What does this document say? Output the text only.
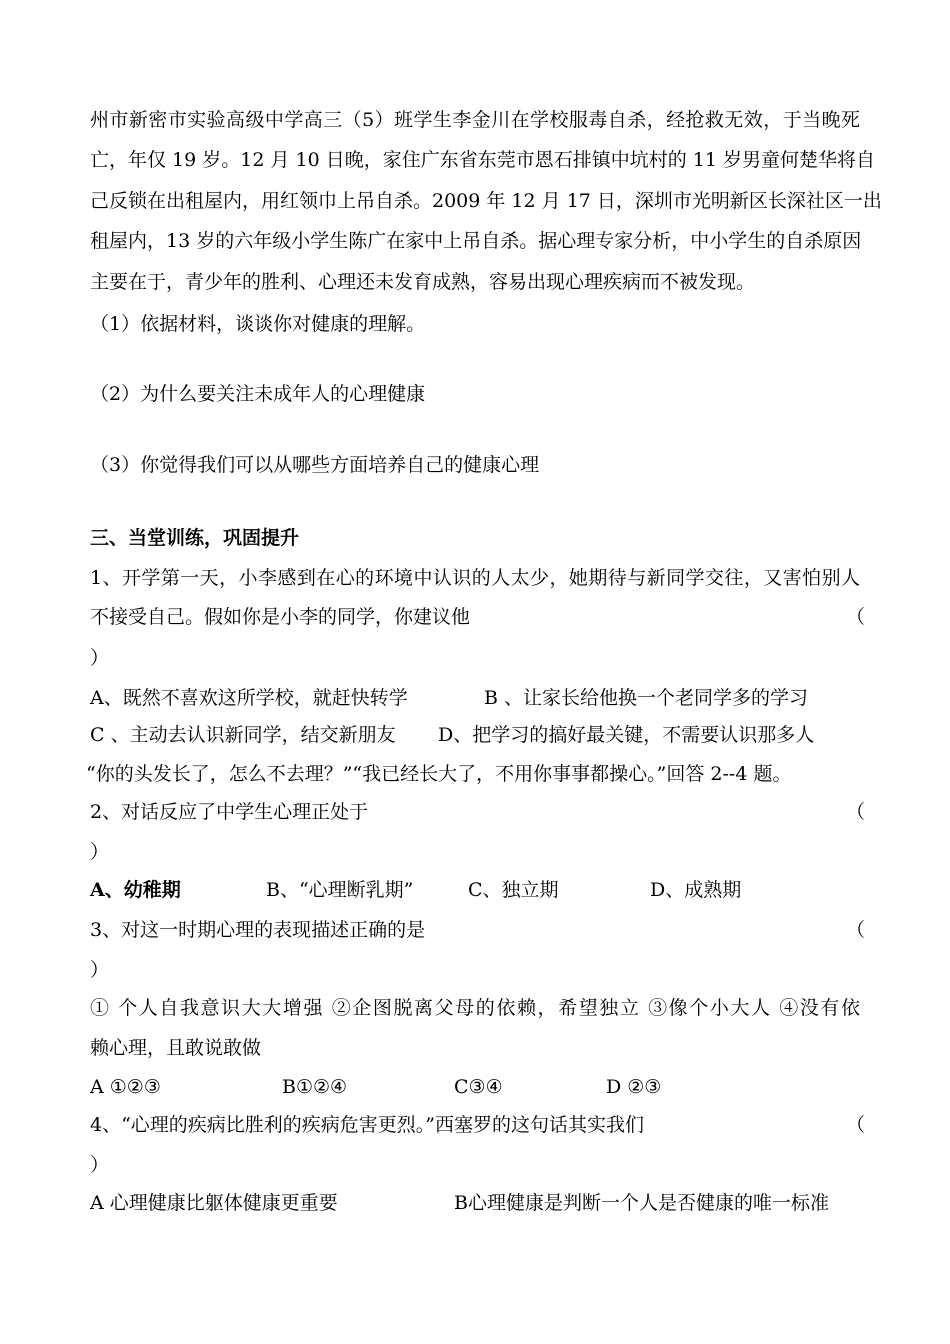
州市新密市实验高级中学高三（5）班学生李金川在学校服毒自杀，经抢救无效，于当晚死
亡，年仅 19 岁。12 月 10 日晚，家住广东省东莞市恩石排镇中坑村的 11 岁男童何楚华将自
己反锁在出租屋内，用红领巾上吊自杀。2009 年 12 月 17 日，深圳市光明新区长深社区一出
租屋内，13 岁的六年级小学生陈广在家中上吊自杀。据心理专家分析，中小学生的自杀原因
主要在于，青少年的胜利、心理还未发育成熟，容易出现心理疾病而不被发现。
（1）依据材料，谈谈你对健康的理解。
（2）为什么要关注未成年人的心理健康
（3）你觉得我们可以从哪些方面培养自己的健康心理
三、当堂训练，巩固提升
1、开学第一天，小李感到在心的环境中认识的人太少，她期待与新同学交往，又害怕别人
不接受自己。假如你是小李的同学，你建议他	（
）
A、既然不喜欢这所学校，就赶快转学	B 、让家长给他换一个老同学多的学习
C 、主动去认识新同学，结交新朋友 D、把学习的搞好最关键，不需要认识那多人
“你的头发长了，怎么不去理？”“我已经长大了，不用你事事都操心。”回答 2--4 题。
2、对话反应了中学生心理正处于	（
）
A、幼稚期	B、“心理断乳期”	C、独立期	D、成熟期
3、对这一时期心理的表现描述正确的是	（
）
① 个人自我意识大大增强 ②企图脱离父母的依赖，希望独立 ③像个小大人 ④没有依
赖心理，且敢说敢做
A ①②③	B①②④	C③④	D ②③
4、“心理的疾病比胜利的疾病危害更烈。”西塞罗的这句话其实我们	（
）
A 心理健康比躯体健康更重要	B心理健康是判断一个人是否健康的唯一标准
